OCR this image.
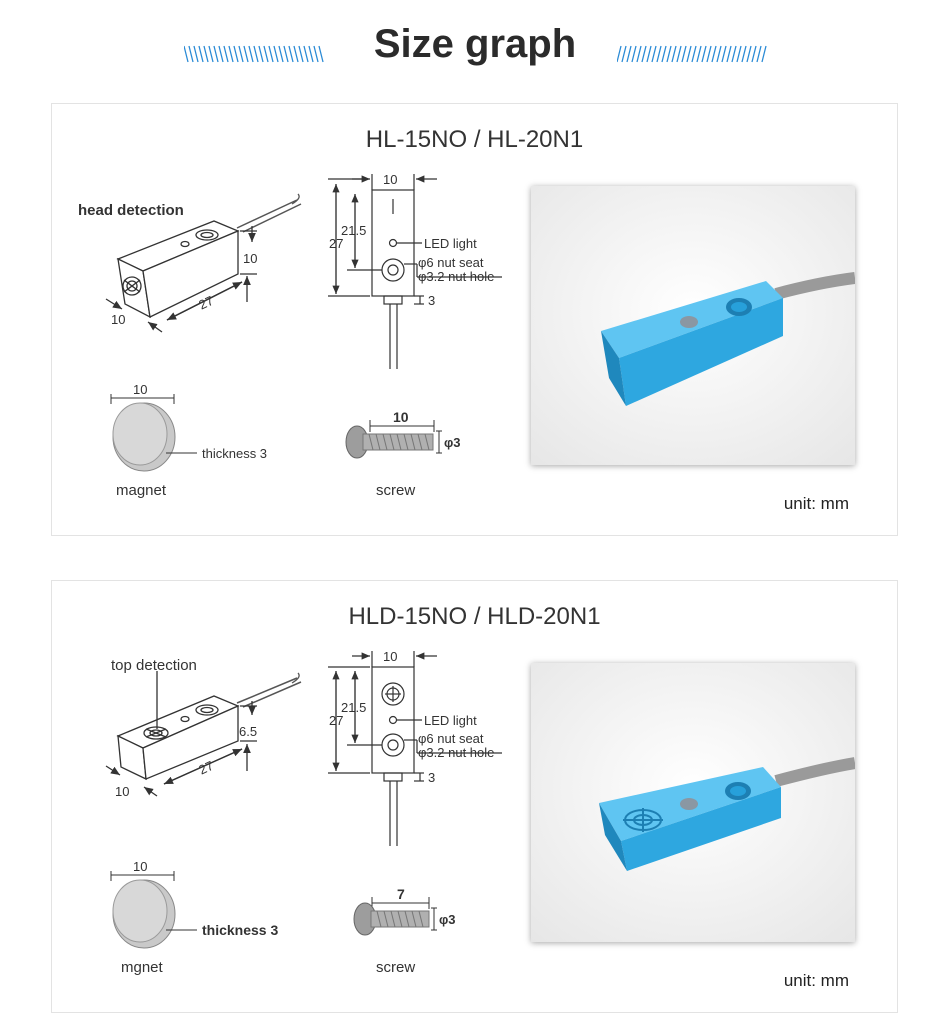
Size graph
HL-15NO / HL-20N1
head detection
10
27
10
10
27
21.5
LED light
φ6 nut seat
φ3.2 nut hole
3
10
thickness 3
10
φ3
magnet	screw
unit: mm
HLD-15NO / HLD-20N1
top detection
6.5
27
10
10
27
21.5
LED light
φ6 nut seat
φ3.2 nut hole
3
10
thickness 3
7
φ3
mgnet	screw
unit: mm
